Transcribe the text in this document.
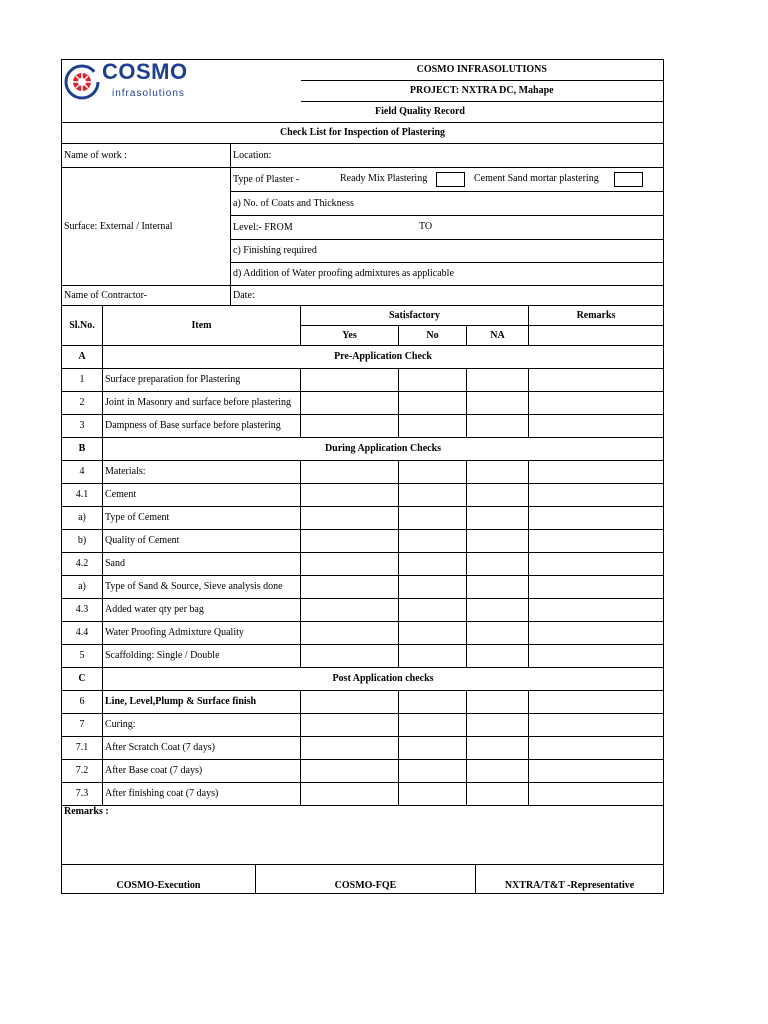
COSMO
infrasolutions			COSMO INFRASOLUTIONS			
			PROJECT: NXTRA DC, Mahape			
Field Quality Record						
Check List for Inspection of Plastering						
Name of work :		Location:				
Surface: External / Internal		Type of Plaster - Ready Mix Plastering Cement Sand mortar plastering				

		a) No. of Coats and Thickness				
		Level:- FROM TO				

		c) Finishing required				
		d) Addition of Water proofing admixtures as applicable				
Name of Contractor-		Date:				
Sl.No.	Item		Satisfactory			Remarks
			Yes	No	NA	
A	Pre-Application Check					
1	Surface preparation for Plastering					
2	Joint in Masonry and surface before plastering					
3	Dampness of Base surface before plastering					
B	During Application Checks					
4	Materials:					
4.1	Cement					
a)	Type of Cement					
b)	Quality of Cement					
4.2	Sand					
a)	Type of Sand & Source, Sieve analysis done					
4.3	Added water qty per bag					
4.4	Water Proofing Admixture Quality					
5	Scaffolding: Single / Double					
C	Post Application checks					
6	Line, Level,Plump & Surface finish					
7	Curing:					
7.1	After Scratch Coat (7 days)					
7.2	After Base coat (7 days)					
7.3	After finishing coat (7 days)					
Remarks :
COSMO-Execution	COSMO-FQE	NXTRA/T&T -Representative
